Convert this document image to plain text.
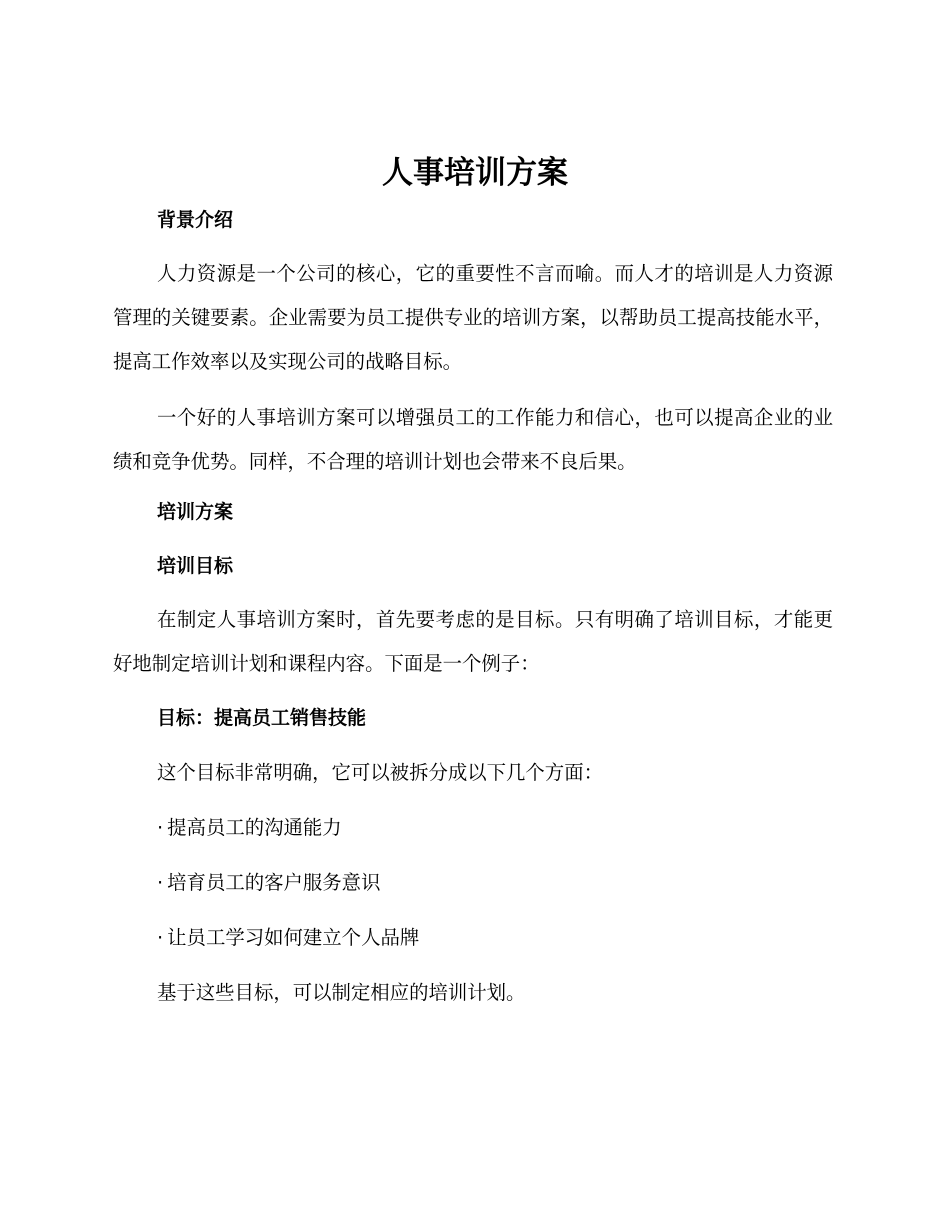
人事培训方案
背景介绍

人力资源是一个公司的核心，它的重要性不言而喻。而人才的培训是人力资源管理的关键要素。企业需要为员工提供专业的培训方案，以帮助员工提高技能水平，提高工作效率以及实现公司的战略目标。

一个好的人事培训方案可以增强员工的工作能力和信心，也可以提高企业的业绩和竞争优势。同样，不合理的培训计划也会带来不良后果。

培训方案
培训目标

在制定人事培训方案时，首先要考虑的是目标。只有明确了培训目标，才能更好地制定培训计划和课程内容。下面是一个例子：

目标：提高员工销售技能

这个目标非常明确，它可以被拆分成以下几个方面：

· 提高员工的沟通能力

· 培育员工的客户服务意识

· 让员工学习如何建立个人品牌

基于这些目标，可以制定相应的培训计划。
